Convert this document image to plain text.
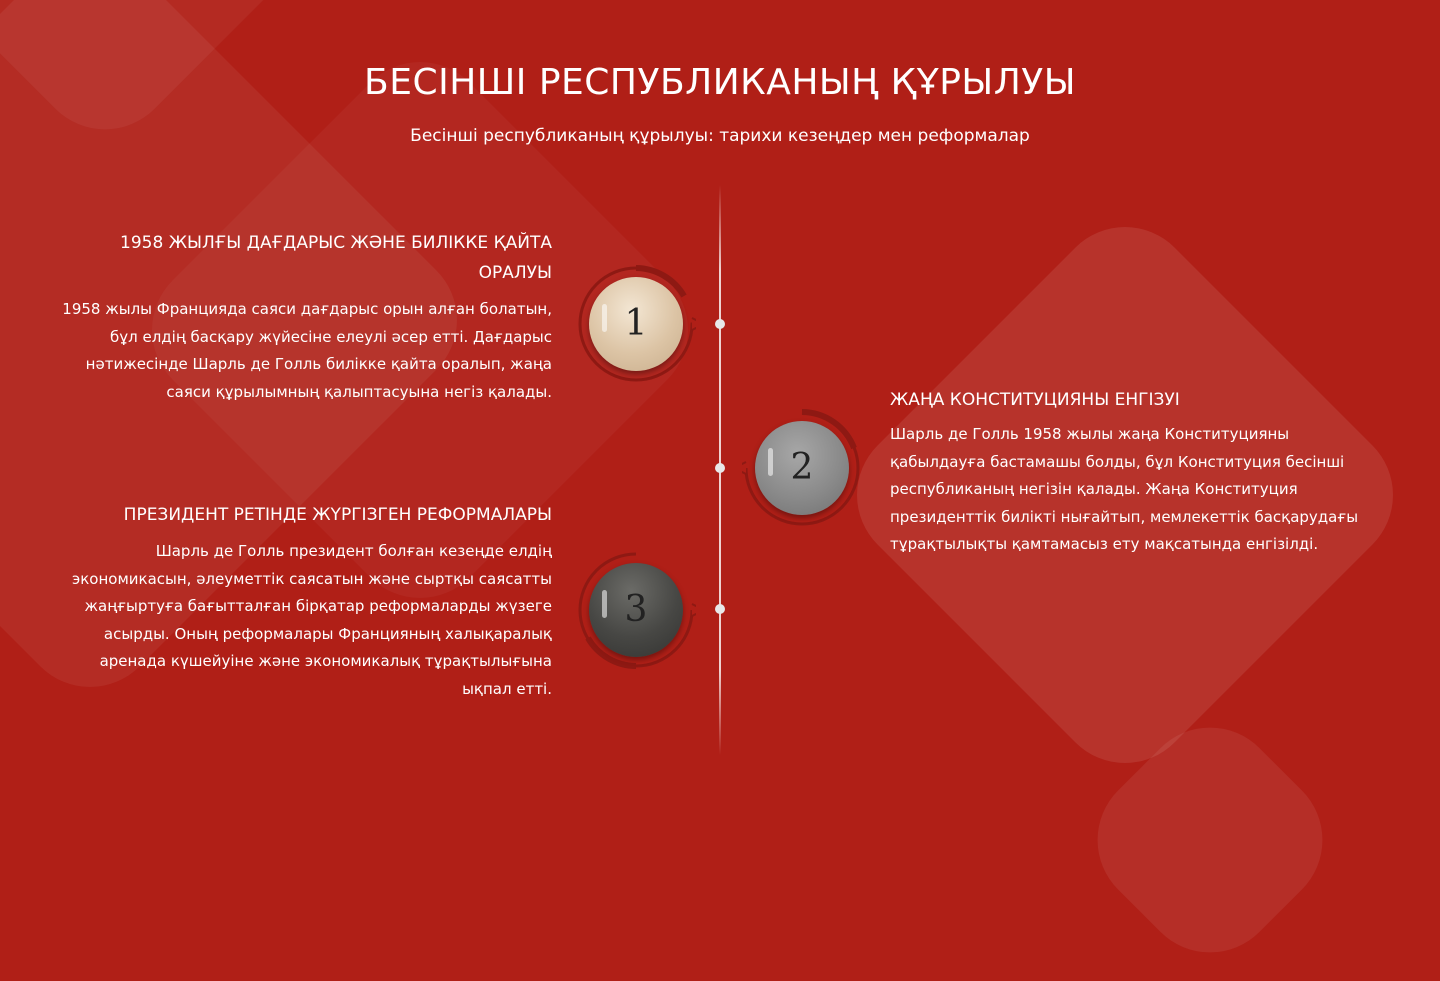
БЕСІНШІ РЕСПУБЛИКАНЫҢ ҚҰРЫЛУЫ
Бесінші республиканың құрылуы: тарихи кезеңдер мен реформалар
1
2
3
1958 ЖЫЛҒЫ ДАҒДАРЫС ЖӘНЕ БИЛІККЕ ҚАЙТА ОРАЛУЫ
1958 жылы Францияда саяси дағдарыс орын алған болатын, бұл елдің басқару жүйесіне елеулі әсер етті. Дағдарыс нәтижесінде Шарль де Голль билікке қайта оралып, жаңа саяси құрылымның қалыптасуына негіз қалады.	ЖАҢА КОНСТИТУЦИЯНЫ ЕНГІЗУІ
Шарль де Голль 1958 жылы жаңа Конституцияны қабылдауға бастамашы болды, бұл Конституция бесінші республиканың негізін қалады. Жаңа Конституция президенттік билікті нығайтып, мемлекеттік басқарудағы тұрақтылықты қамтамасыз ету мақсатында енгізілді.
ПРЕЗИДЕНТ РЕТІНДЕ ЖҮРГІЗГЕН РЕФОРМАЛАРЫ
Шарль де Голль президент болған кезеңде елдің экономикасын, әлеуметтік саясатын және сыртқы саясатты жаңғыртуға бағытталған бірқатар реформаларды жүзеге асырды. Оның реформалары Францияның халықаралық аренада күшейуіне және экономикалық тұрақтылығына ықпал етті.
